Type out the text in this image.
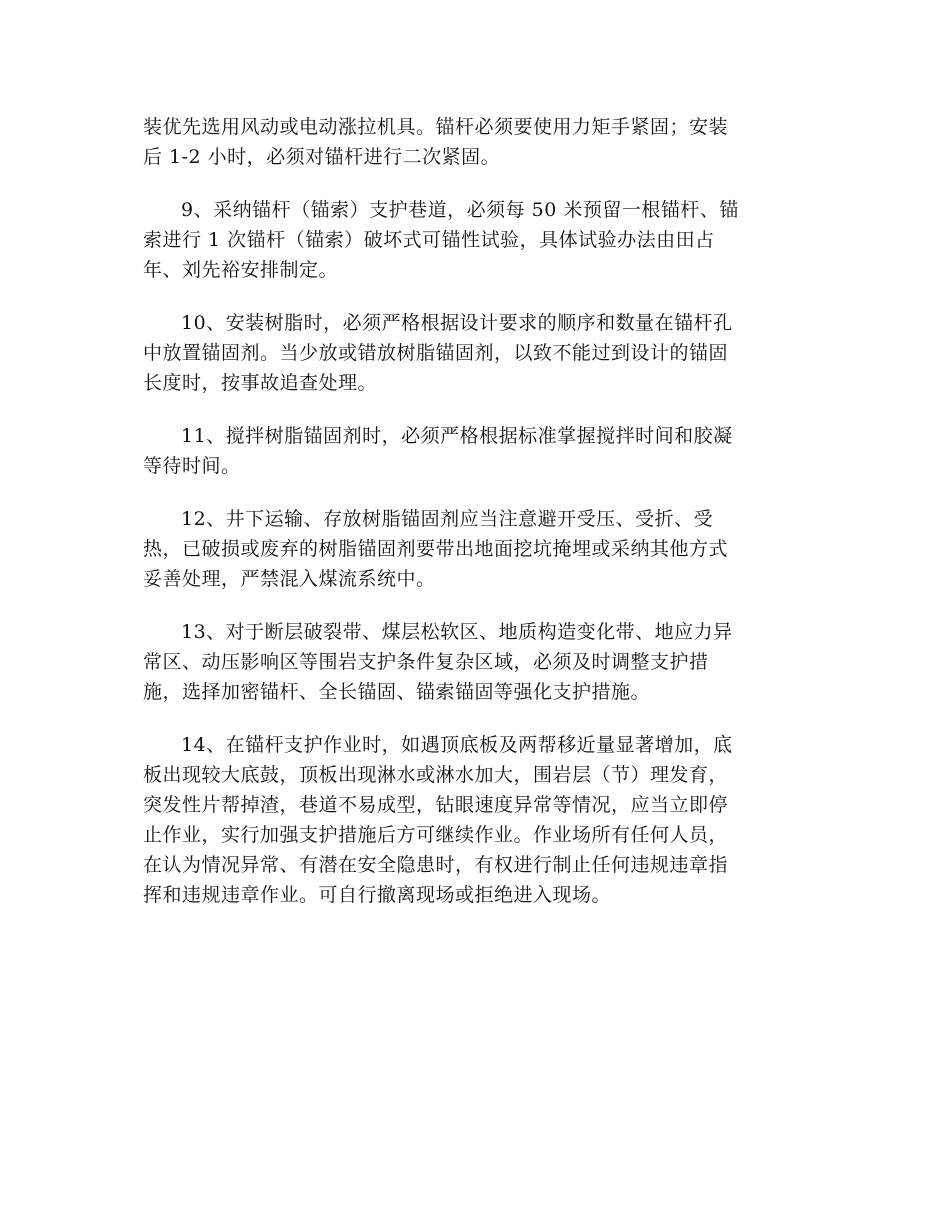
装优先选用风动或电动涨拉机具。锚杆必须要使用力矩手紧固；安装
后 1-2 小时，必须对锚杆进行二次紧固。
9、采纳锚杆（锚索）支护巷道，必须每 50 米预留一根锚杆、锚
索进行 1 次锚杆（锚索）破坏式可锚性试验，具体试验办法由田占
年、刘先裕安排制定。
10、安装树脂时，必须严格根据设计要求的顺序和数量在锚杆孔
中放置锚固剂。当少放或错放树脂锚固剂，以致不能过到设计的锚固
长度时，按事故追查处理。
11、搅拌树脂锚固剂时，必须严格根据标准掌握搅拌时间和胶凝
等待时间。
12、井下运输、存放树脂锚固剂应当注意避开受压、受折、受
热，已破损或废弃的树脂锚固剂要带出地面挖坑掩埋或采纳其他方式
妥善处理，严禁混入煤流系统中。
13、对于断层破裂带、煤层松软区、地质构造变化带、地应力异
常区、动压影响区等围岩支护条件复杂区域，必须及时调整支护措
施，选择加密锚杆、全长锚固、锚索锚固等强化支护措施。
14、在锚杆支护作业时，如遇顶底板及两帮移近量显著增加，底
板出现较大底鼓，顶板出现淋水或淋水加大，围岩层（节）理发育，
突发性片帮掉渣，巷道不易成型，钻眼速度异常等情况，应当立即停
止作业，实行加强支护措施后方可继续作业。作业场所有任何人员，
在认为情况异常、有潜在安全隐患时，有权进行制止任何违规违章指
挥和违规违章作业。可自行撤离现场或拒绝进入现场。
